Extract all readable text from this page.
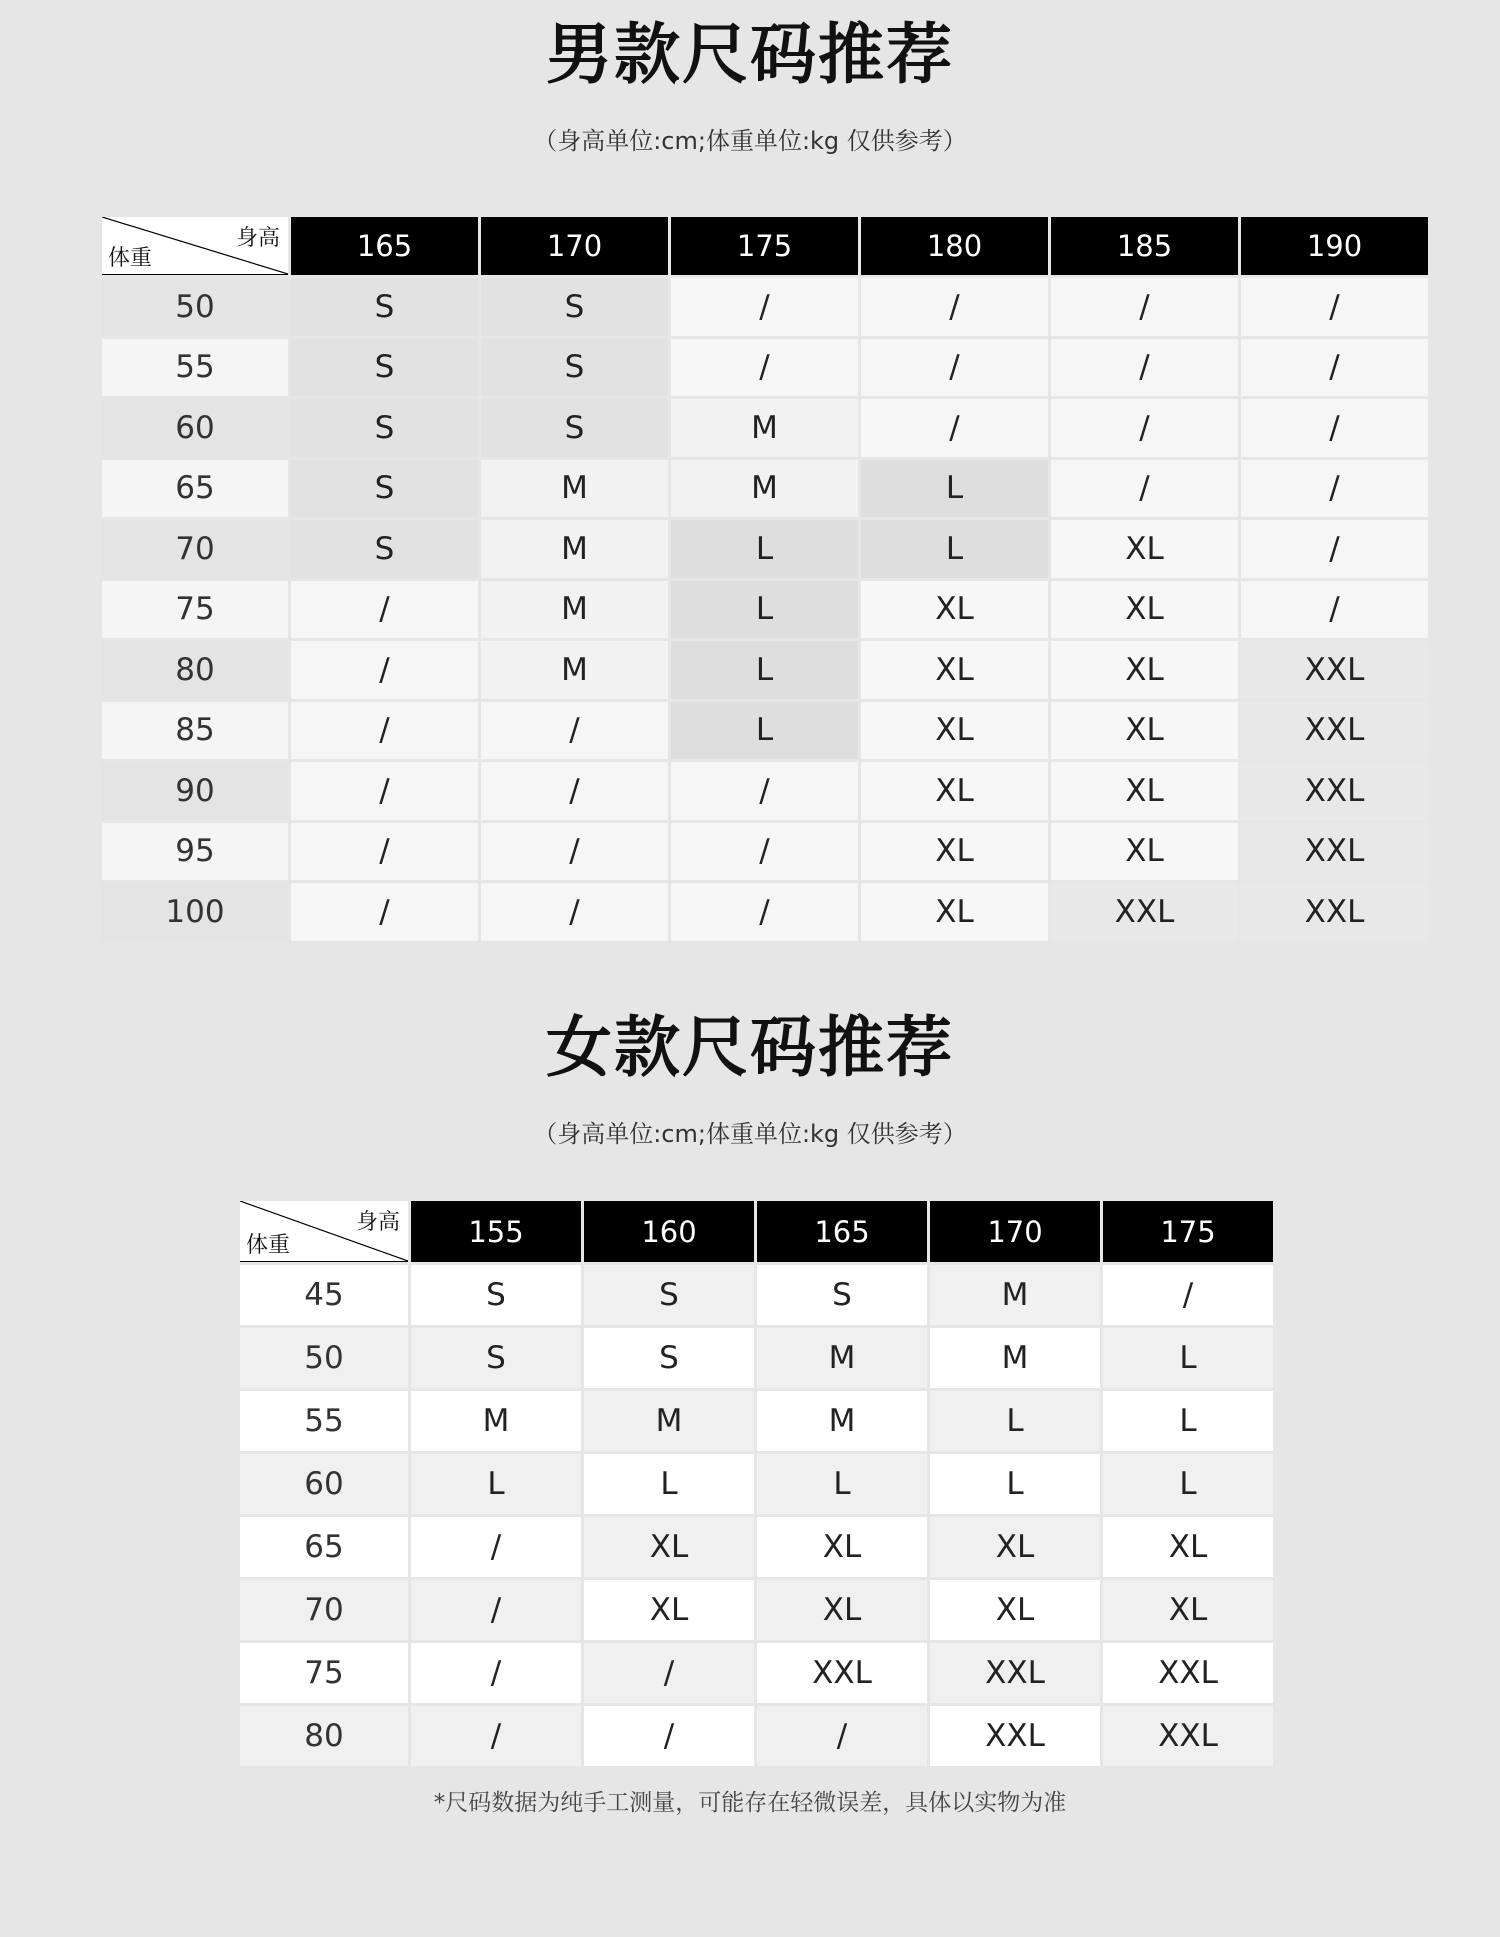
男款尺码推荐
（身高单位:cm;体重单位:kg 仅供参考）
身高
体重	165	170	175	180	185	190
50	S	S	/	/	/	/
55	S	S	/	/	/	/
60	S	S	M	/	/	/
65	S	M	M	L	/	/
70	S	M	L	L	XL	/
75	/	M	L	XL	XL	/
80	/	M	L	XL	XL	XXL
85	/	/	L	XL	XL	XXL
90	/	/	/	XL	XL	XXL
95	/	/	/	XL	XL	XXL
100	/	/	/	XL	XXL	XXL
女款尺码推荐
（身高单位:cm;体重单位:kg 仅供参考）
身高
体重	155	160	165	170	175
45	S	S	S	M	/
50	S	S	M	M	L
55	M	M	M	L	L
60	L	L	L	L	L
65	/	XL	XL	XL	XL
70	/	XL	XL	XL	XL
75	/	/	XXL	XXL	XXL
80	/	/	/	XXL	XXL
*尺码数据为纯手工测量，可能存在轻微误差，具体以实物为准
